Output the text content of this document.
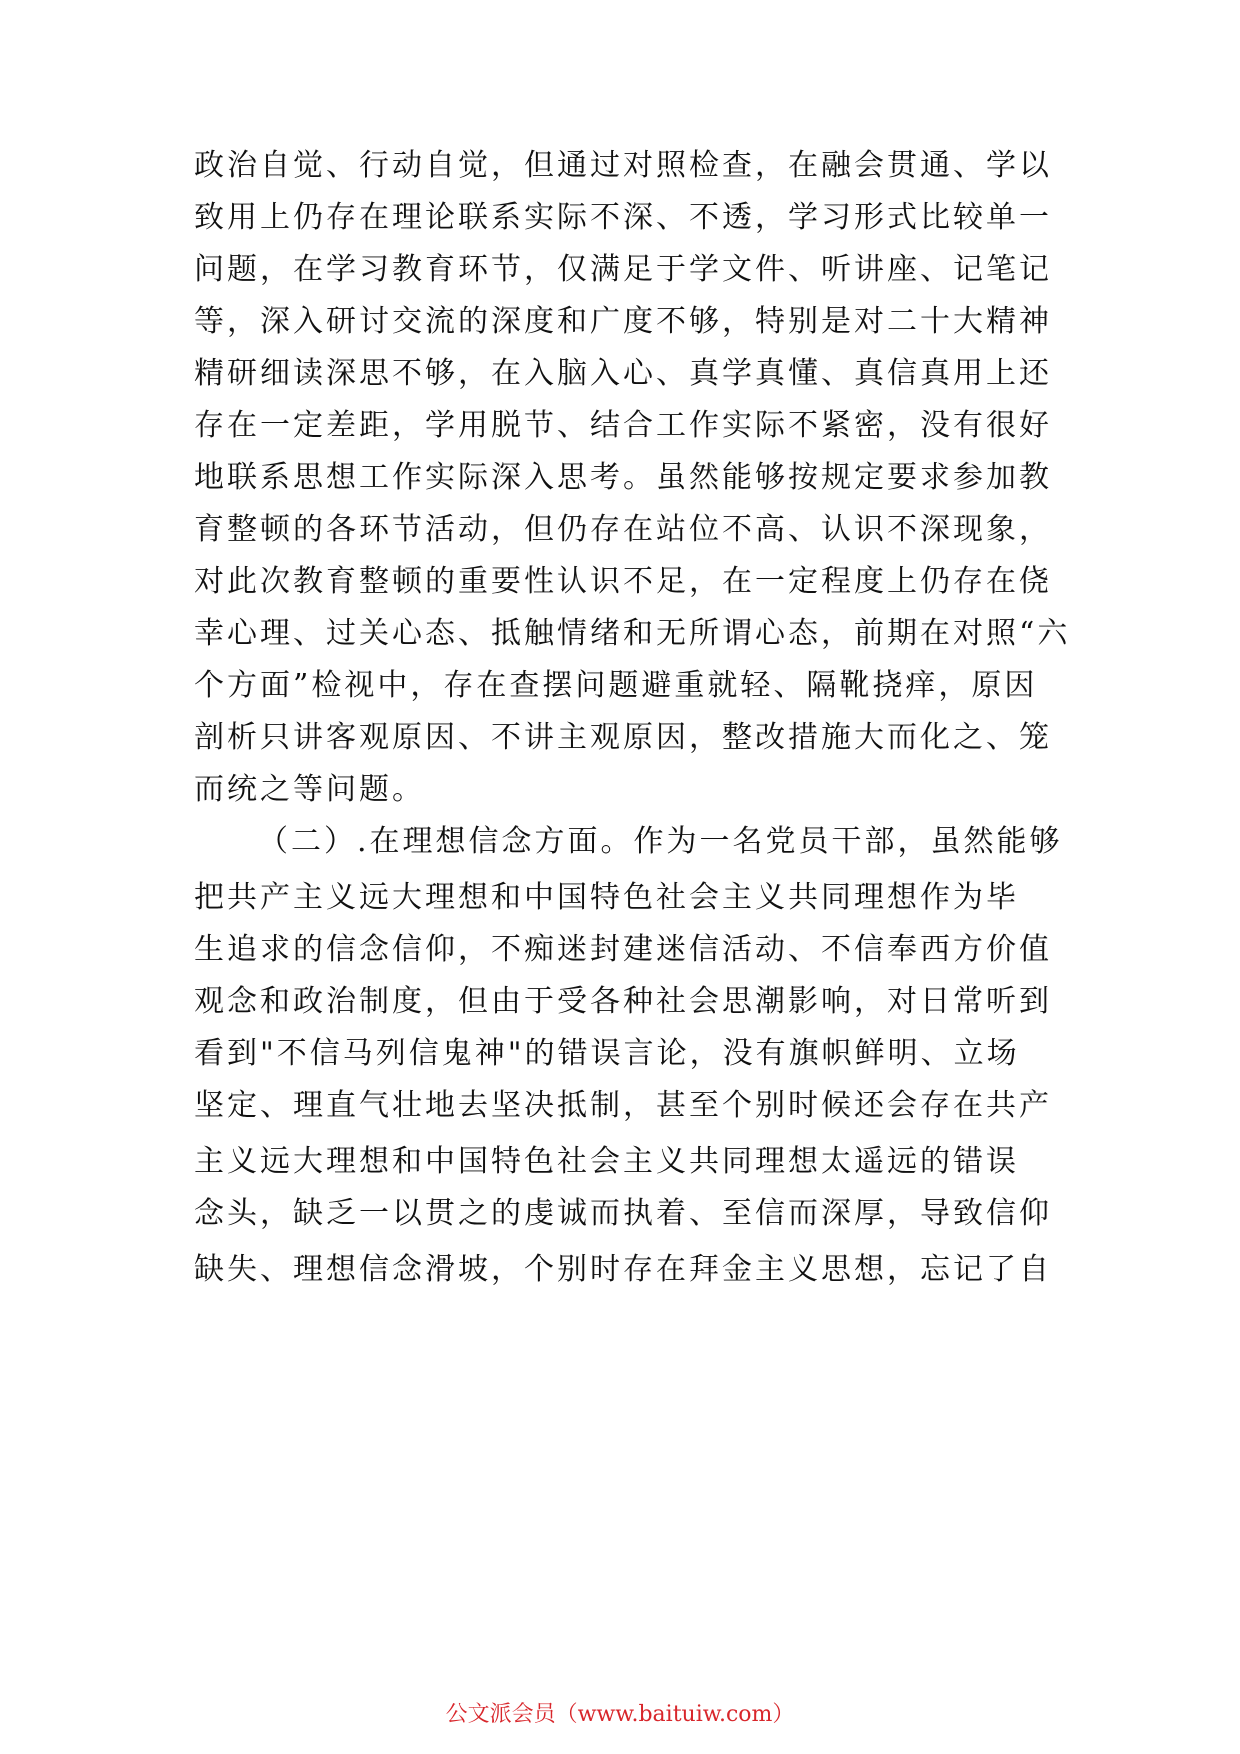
政治自觉、行动自觉，但通过对照检查，在融会贯通、学以
致用上仍存在理论联系实际不深、不透，学习形式比较单一
问题，在学习教育环节，仅满足于学文件、听讲座、记笔记
等，深入研讨交流的深度和广度不够，特别是对二十大精神
精研细读深思不够，在入脑入心、真学真懂、真信真用上还
存在一定差距，学用脱节、结合工作实际不紧密，没有很好
地联系思想工作实际深入思考。虽然能够按规定要求参加教
育整顿的各环节活动，但仍存在站位不高、认识不深现象，
对此次教育整顿的重要性认识不足，在一定程度上仍存在侥
幸心理、过关心态、抵触情绪和无所谓心态，前期在对照“六
个方面”检视中，存在查摆问题避重就轻、隔靴挠痒，原因
剖析只讲客观原因、不讲主观原因，整改措施大而化之、笼
而统之等问题。
（二）.在理想信念方面。作为一名党员干部，虽然能够
把共产主义远大理想和中国特色社会主义共同理想作为毕
生追求的信念信仰，不痴迷封建迷信活动、不信奉西方价值
观念和政治制度，但由于受各种社会思潮影响，对日常听到
看到"不信马列信鬼神"的错误言论，没有旗帜鲜明、立场
坚定、理直气壮地去坚决抵制，甚至个别时候还会存在共产
主义远大理想和中国特色社会主义共同理想太遥远的错误
念头，缺乏一以贯之的虔诚而执着、至信而深厚，导致信仰
缺失、理想信念滑坡，个别时存在拜金主义思想，忘记了自
公文派会员（www.baituiw.com）
